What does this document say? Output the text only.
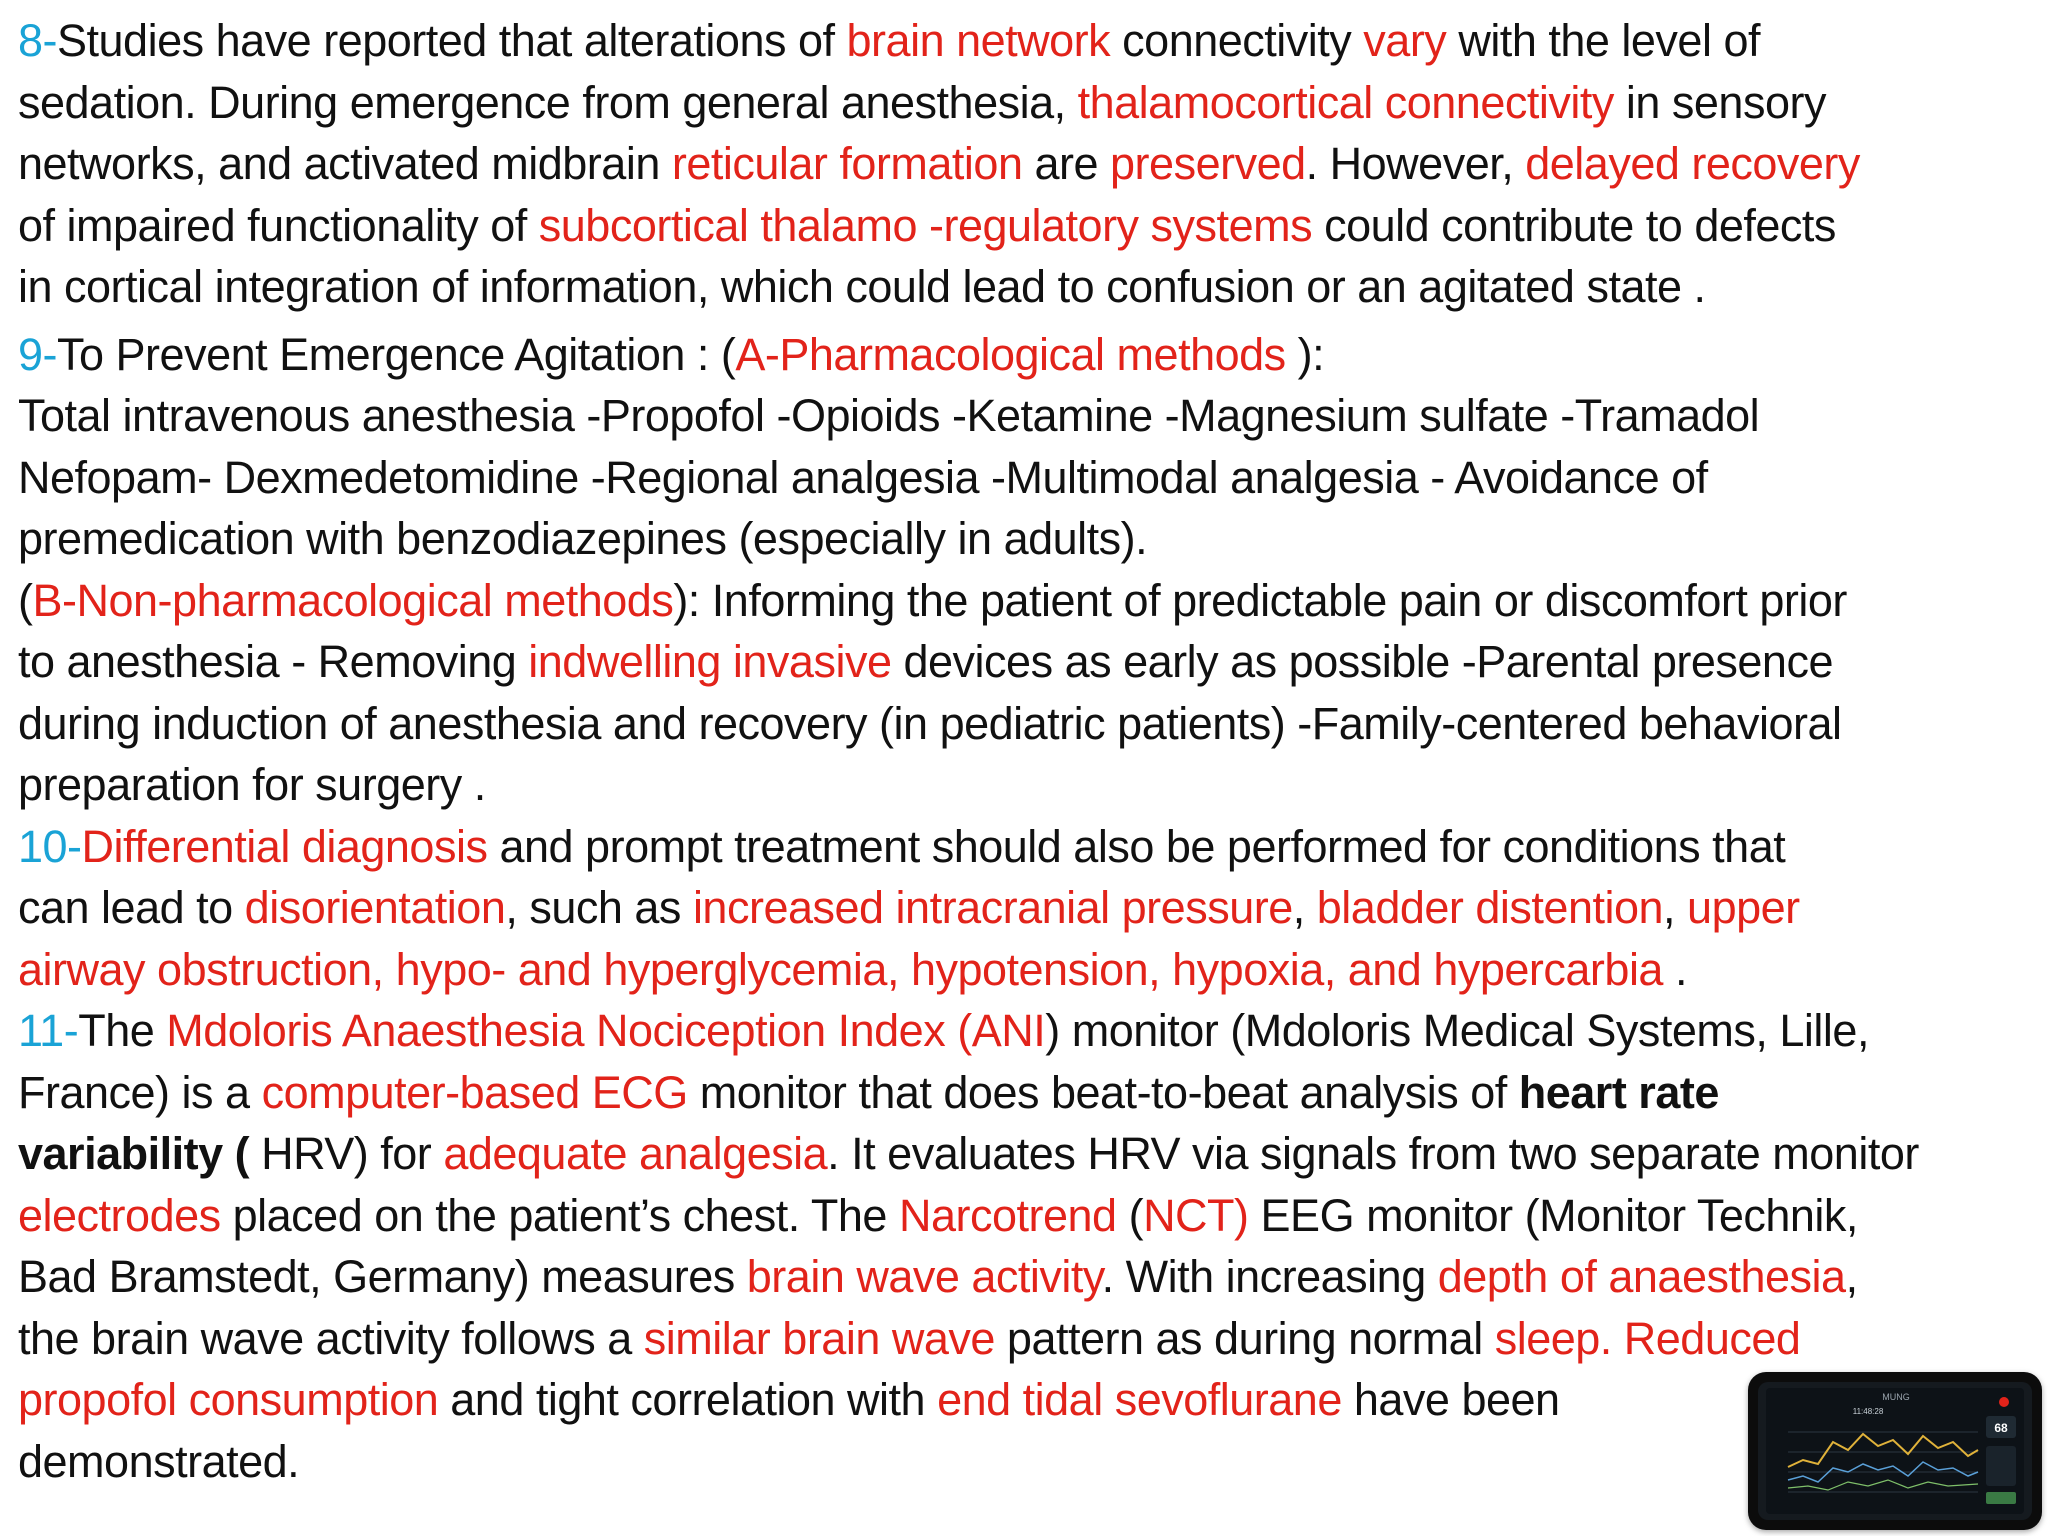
8-Studies have reported that alterations of brain network connectivity vary with the level of
sedation. During emergence from general anesthesia, thalamocortical connectivity in sensory
networks, and activated midbrain reticular formation are preserved. However, delayed recovery
of impaired functionality of subcortical thalamo -regulatory systems could contribute to defects
in cortical integration of information, which could lead to confusion or an agitated state .
9-To Prevent Emergence Agitation : (A-Pharmacological methods ):
Total intravenous anesthesia -Propofol -Opioids -Ketamine -Magnesium sulfate -Tramadol
Nefopam- Dexmedetomidine -Regional analgesia -Multimodal analgesia - Avoidance of
premedication with benzodiazepines (especially in adults).
(B-Non-pharmacological methods): Informing the patient of predictable pain or discomfort prior
to anesthesia - Removing indwelling invasive devices as early as possible -Parental presence
during induction of anesthesia and recovery (in pediatric patients) -Family-centered behavioral
preparation for surgery .
10-Differential diagnosis and prompt treatment should also be performed for conditions that
can lead to disorientation, such as increased intracranial pressure, bladder distention, upper
airway obstruction, hypo- and hyperglycemia, hypotension, hypoxia, and hypercarbia .
11-The Mdoloris Anaesthesia Nociception Index (ANI) monitor (Mdoloris Medical Systems, Lille,
France) is a computer-based ECG monitor that does beat-to-beat analysis of heart rate
variability ( HRV) for adequate analgesia. It evaluates HRV via signals from two separate monitor
electrodes placed on the patient’s chest. The Narcotrend (NCT) EEG monitor (Monitor Technik,
Bad Bramstedt, Germany) measures brain wave activity. With increasing depth of anaesthesia,
the brain wave activity follows a similar brain wave pattern as during normal sleep. Reduced
propofol consumption and tight correlation with end tidal sevoflurane have been
demonstrated.
MUNG
11:48:28
68
